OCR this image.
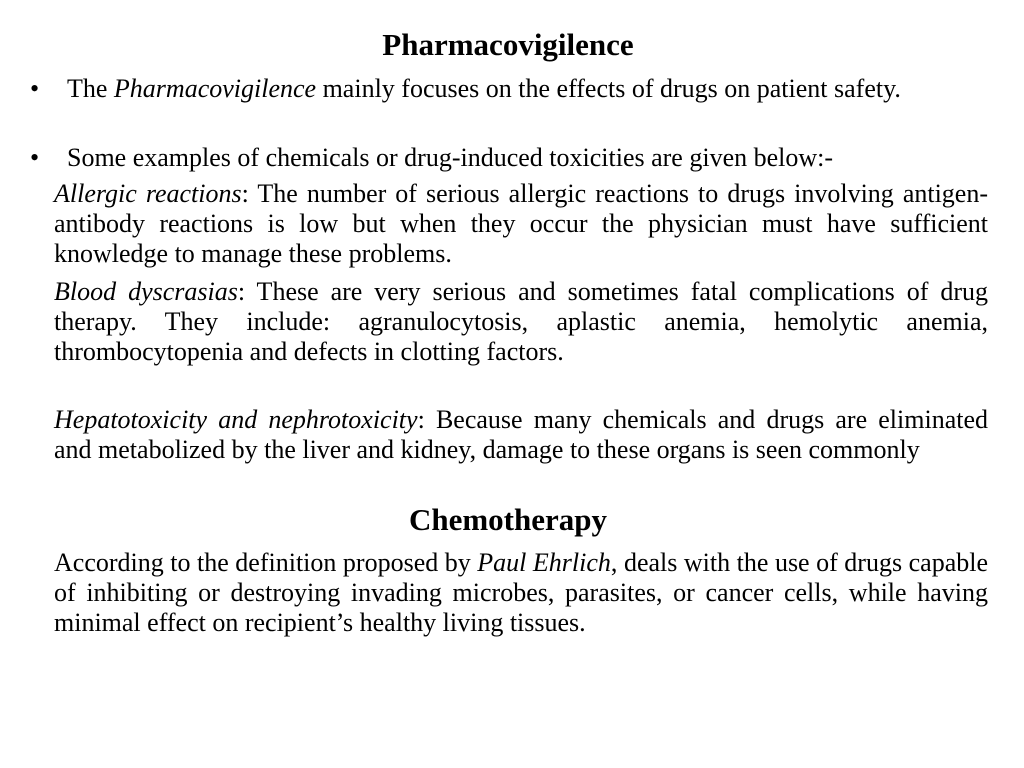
Pharmacovigilence
•	The Pharmacovigilence mainly focuses on the effects of drugs on patient safety.
•	Some examples of chemicals or drug-induced toxicities are given below:-

Allergic reactions: The number of serious allergic reactions to drugs involving antigen-antibody reactions is low but when they occur the physician must have sufficient knowledge to manage these problems.

Blood dyscrasias: These are very serious and sometimes fatal complications of drug therapy. They include: agranulocytosis, aplastic anemia, hemolytic anemia, thrombocytopenia and defects in clotting factors.

Hepatotoxicity and nephrotoxicity: Because many chemicals and drugs are eliminated and metabolized by the liver and kidney, damage to these organs is seen commonly

Chemotherapy

According to the definition proposed by Paul Ehrlich, deals with the use of drugs capable of inhibiting or destroying invading microbes, parasites, or cancer cells, while having minimal effect on recipient’s healthy living tissues.
